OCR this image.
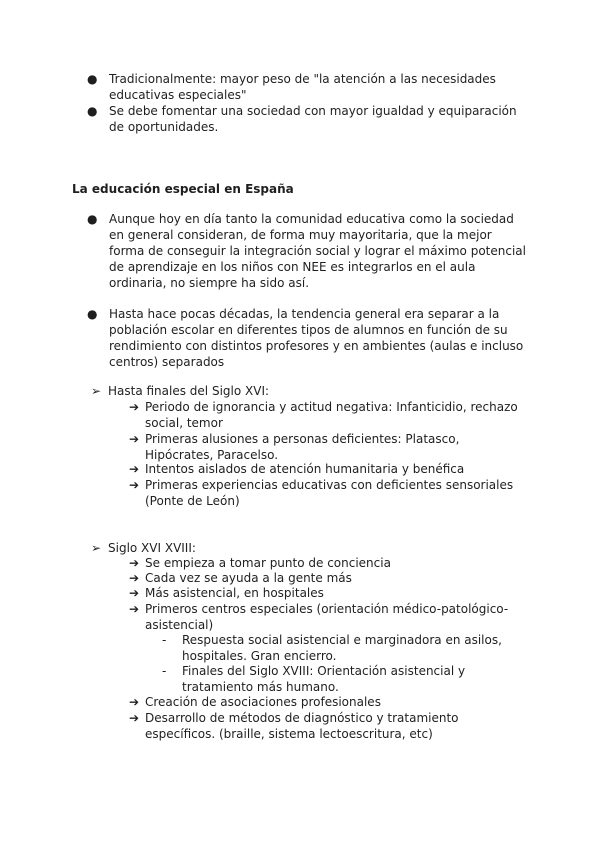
● Tradicionalmente: mayor peso de "la atención a las necesidades educativas especiales"
● Se debe fomentar una sociedad con mayor igualdad y equiparación de oportunidades.
La educación especial en España
● Aunque hoy en día tanto la comunidad educativa como la sociedad en general consideran, de forma muy mayoritaria, que la mejor forma de conseguir la integración social y lograr el máximo potencial de aprendizaje en los niños con NEE es integrarlos en el aula ordinaria, no siempre ha sido así.
● Hasta hace pocas décadas, la tendencia general era separar a la población escolar en diferentes tipos de alumnos en función de su rendimiento con distintos profesores y en ambientes (aulas e incluso centros) separados
➢ Hasta finales del Siglo XVI:
➔ Periodo de ignorancia y actitud negativa: Infanticidio, rechazo social, temor
➔ Primeras alusiones a personas deficientes: Platasco, Hipócrates, Paracelso.
➔ Intentos aislados de atención humanitaria y benéfica
➔ Primeras experiencias educativas con deficientes sensoriales (Ponte de León)
➢ Siglo XVI XVIII:
➔ Se empieza a tomar punto de conciencia
➔ Cada vez se ayuda a la gente más
➔ Más asistencial, en hospitales
➔ Primeros centros especiales (orientación médico-patológico-asistencial)
-	Respuesta social asistencial e marginadora en asilos, hospitales. Gran encierro.
-	Finales del Siglo XVIII: Orientación asistencial y tratamiento más humano.
➔ Creación de asociaciones profesionales
➔ Desarrollo de métodos de diagnóstico y tratamiento específicos. (braille, sistema lectoescritura, etc)
